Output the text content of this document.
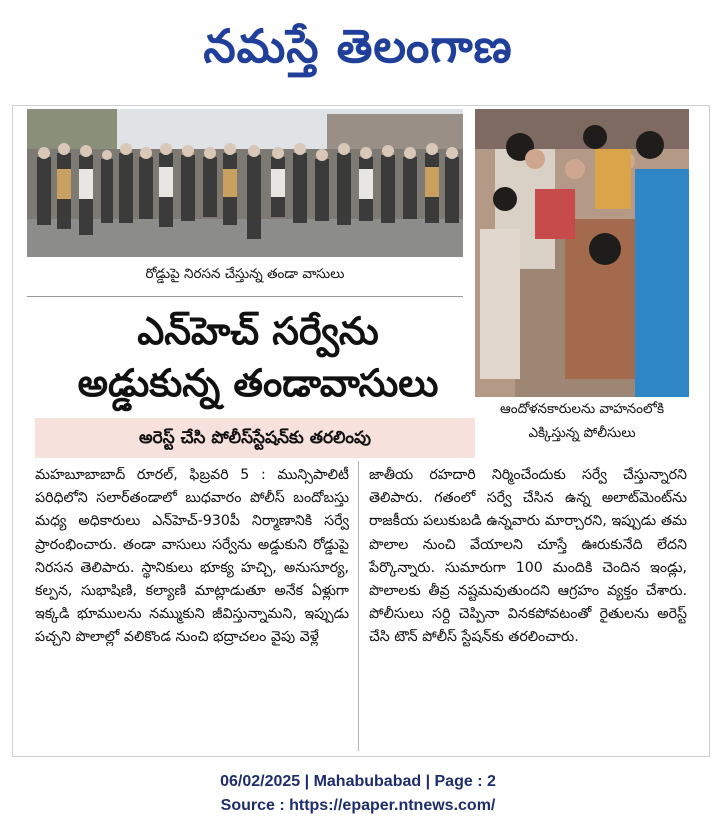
నమస్తే తెలంగాణ
రోడ్డుపై నిరసన చేస్తున్న తండా వాసులు
ఆందోళనకారులను వాహనంలోకి
ఎక్కిస్తున్న పోలీసులు
ఎన్‌హెచ్‌ సర్వేను
అడ్డుకున్న తండావాసులు
అరెస్ట్‌ చేసి పోలీస్‌స్టేషన్‌కు తరలింపు
మహబూబాబాద్‌ రూరల్‌, ఫిబ్రవరి 5 : మున్సిపాలిటీ పరిధిలోని సలార్‌తండాలో బుధవారం పోలీస్‌ బందోబస్తు మధ్య అధికారులు ఎన్‌హెచ్‌-930పీ నిర్మాణానికి సర్వే ప్రారంభించారు. తండా వాసులు సర్వేను అడ్డుకుని రోడ్డుపై నిరసన తెలిపారు. స్థానికులు భూక్య హచ్చి, అనుసూర్య, కల్పన, సుభాషిణి, కల్యాణి మాట్లాడుతూ అనేక ఏళ్లుగా ఇక్కడి భూములను నమ్ముకుని జీవిస్తున్నామని, ఇప్పుడు పచ్చని పొలాల్లో వలికొండ నుంచి భద్రాచలం వైపు వెళ్లే
జాతీయ రహదారి నిర్మించేందుకు సర్వే చేస్తున్నారని తెలిపారు. గతంలో సర్వే చేసిన ఉన్న అలాట్‌మెంట్‌ను రాజకీయ పలుకుబడి ఉన్నవారు మార్చారని, ఇప్పుడు తమ పొలాల నుంచి వేయాలని చూస్తే ఊరుకునేది లేదని పేర్కొన్నారు. సుమారుగా 100 మందికి చెందిన ఇండ్లు, పొలాలకు తీవ్ర నష్టమవుతుందని ఆగ్రహం వ్యక్తం చేశారు. పోలీసులు సర్ది చెప్పినా వినకపోవటంతో రైతులను అరెస్ట్‌ చేసి టౌన్‌ పోలీస్‌ స్టేషన్‌కు తరలించారు.
06/02/2025 | Mahabubabad | Page : 2
Source : https://epaper.ntnews.com/
